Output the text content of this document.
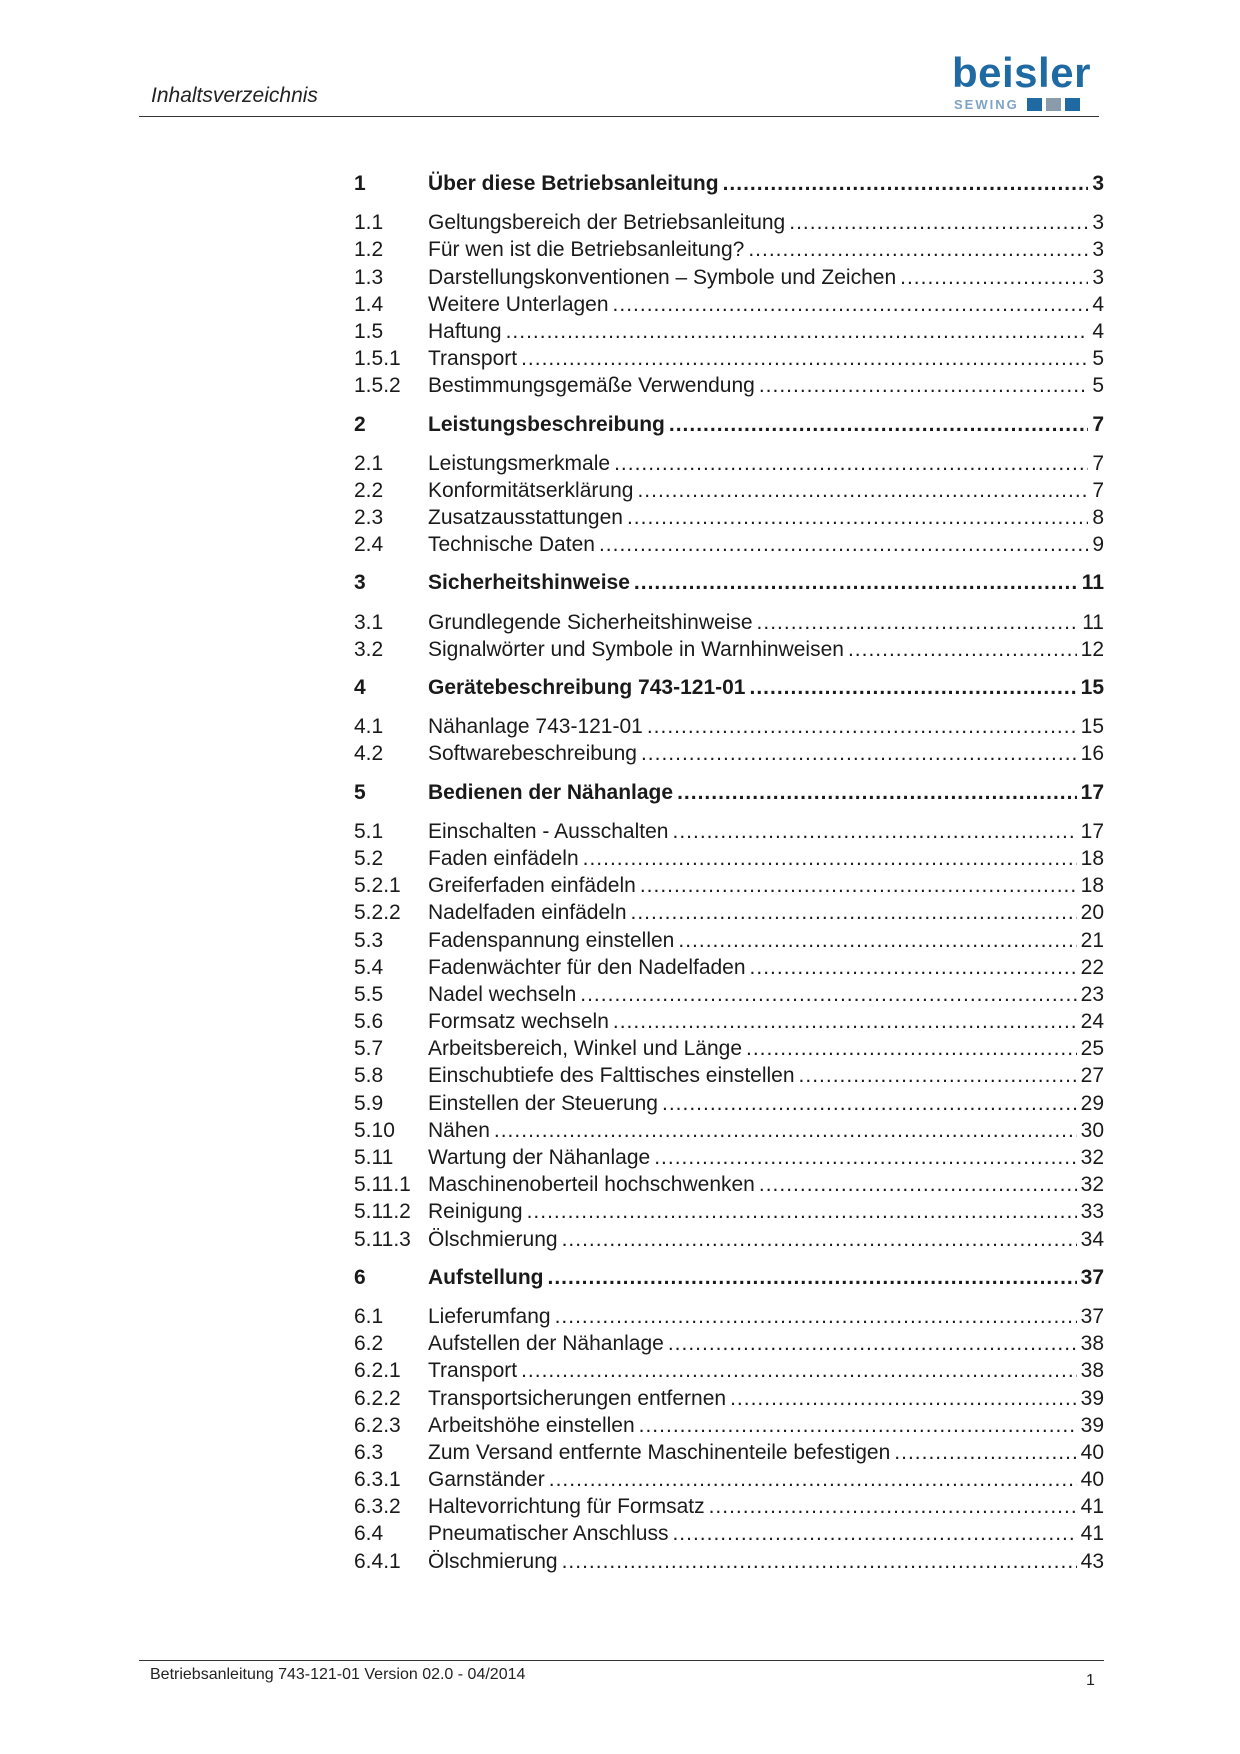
Inhaltsverzeichnis	beisler
SEWING
1	Über diese Betriebsanleitung .....	3
1.1	Geltungsbereich der Betriebsanleitung .....	3
1.2	Für wen ist die Betriebsanleitung? .....	3
1.3	Darstellungskonventionen – Symbole und Zeichen .....	3
1.4	Weitere Unterlagen .....	4
1.5	Haftung .....	4
1.5.1	Transport .....	5
1.5.2	Bestimmungsgemäße Verwendung .....	5
2	Leistungsbeschreibung .....	7
2.1	Leistungsmerkmale .....	7
2.2	Konformitätserklärung .....	7
2.3	Zusatzausstattungen .....	8
2.4	Technische Daten .....	9
3	Sicherheitshinweise .....	11
3.1	Grundlegende Sicherheitshinweise .....	11
3.2	Signalwörter und Symbole in Warnhinweisen .....	12
4	Gerätebeschreibung 743-121-01 .....	15
4.1	Nähanlage 743-121-01 .....	15
4.2	Softwarebeschreibung .....	16
5	Bedienen der Nähanlage .....	17
5.1	Einschalten - Ausschalten .....	17
5.2	Faden einfädeln .....	18
5.2.1	Greiferfaden einfädeln .....	18
5.2.2	Nadelfaden einfädeln .....	20
5.3	Fadenspannung einstellen .....	21
5.4	Fadenwächter für den Nadelfaden .....	22
5.5	Nadel wechseln .....	23
5.6	Formsatz wechseln .....	24
5.7	Arbeitsbereich, Winkel und Länge .....	25
5.8	Einschubtiefe des Falttisches einstellen .....	27
5.9	Einstellen der Steuerung .....	29
5.10	Nähen .....	30
5.11	Wartung der Nähanlage .....	32
5.11.1 Maschinenoberteil hochschwenken .....	32
5.11.2 Reinigung .....	33
5.11.3 Ölschmierung .....	34
6	Aufstellung .....	37
6.1	Lieferumfang .....	37
6.2	Aufstellen der Nähanlage .....	38
6.2.1	Transport .....	38
6.2.2	Transportsicherungen entfernen .....	39
6.2.3	Arbeitshöhe einstellen .....	39
6.3	Zum Versand entfernte Maschinenteile befestigen .....	40
6.3.1	Garnständer .....	40
6.3.2	Haltevorrichtung für Formsatz .....	41
6.4	Pneumatischer Anschluss .....	41
6.4.1	Ölschmierung .....	43
Betriebsanleitung 743-121-01 Version 02.0 - 04/2014	1
